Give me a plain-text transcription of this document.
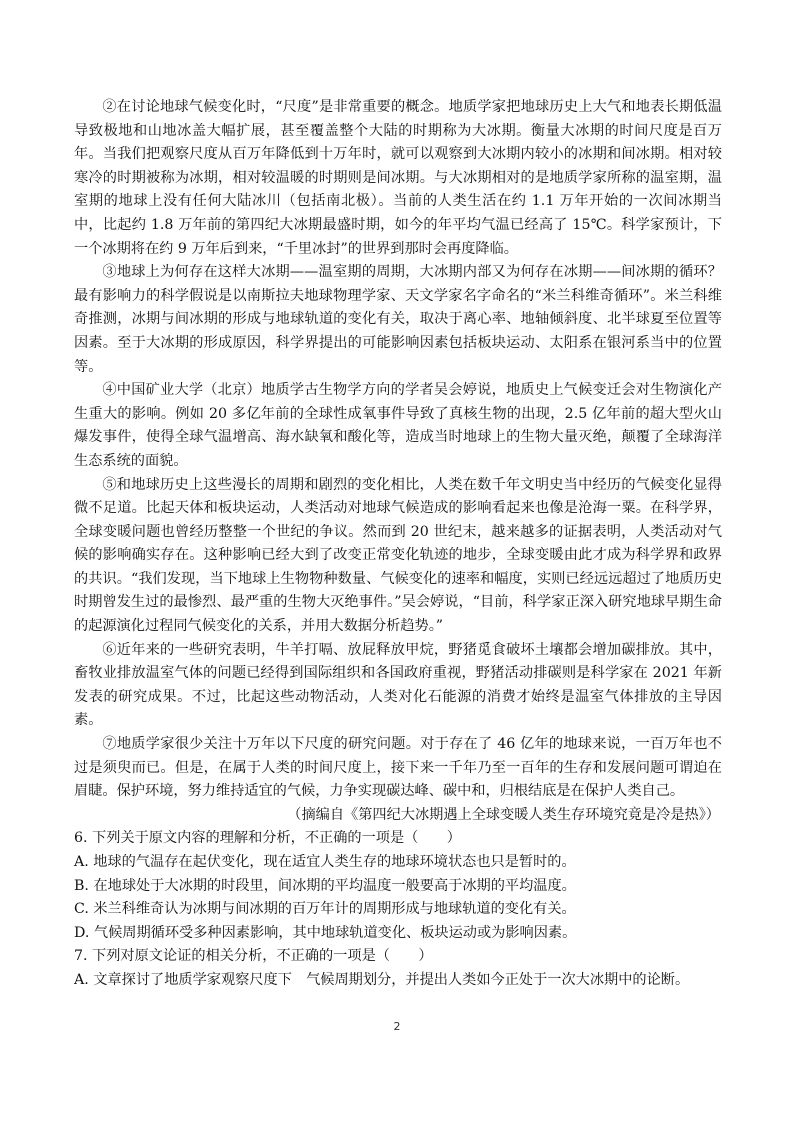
②在讨论地球气候变化时，“尺度”是非常重要的概念。地质学家把地球历史上大气和地表长期低温导致极地和山地冰盖大幅扩展，甚至覆盖整个大陆的时期称为大冰期。衡量大冰期的时间尺度是百万年。当我们把观察尺度从百万年降低到十万年时，就可以观察到大冰期内较小的冰期和间冰期。相对较寒冷的时期被称为冰期，相对较温暖的时期则是间冰期。与大冰期相对的是地质学家所称的温室期，温室期的地球上没有任何大陆冰川（包括南北极）。当前的人类生活在约 1.1 万年开始的一次间冰期当中，比起约 1.8 万年前的第四纪大冰期最盛时期，如今的年平均气温已经高了 15℃。科学家预计，下一个冰期将在约 9 万年后到来，“千里冰封”的世界到那时会再度降临。

③地球上为何存在这样大冰期——温室期的周期，大冰期内部又为何存在冰期——间冰期的循环？最有影响力的科学假说是以南斯拉夫地球物理学家、天文学家名字命名的“米兰科维奇循环”。米兰科维奇推测，冰期与间冰期的形成与地球轨道的变化有关，取决于离心率、地轴倾斜度、北半球夏至位置等因素。至于大冰期的形成原因，科学界提出的可能影响因素包括板块运动、太阳系在银河系当中的位置等。

④中国矿业大学（北京）地质学古生物学方向的学者吴会婷说，地质史上气候变迁会对生物演化产生重大的影响。例如 20 多亿年前的全球性成氧事件导致了真核生物的出现，2.5 亿年前的超大型火山爆发事件，使得全球气温增高、海水缺氧和酸化等，造成当时地球上的生物大量灭绝，颠覆了全球海洋生态系统的面貌。

⑤和地球历史上这些漫长的周期和剧烈的变化相比，人类在数千年文明史当中经历的气候变化显得微不足道。比起天体和板块运动，人类活动对地球气候造成的影响看起来也像是沧海一粟。在科学界，全球变暖问题也曾经历整整一个世纪的争议。然而到 20 世纪末，越来越多的证据表明，人类活动对气候的影响确实存在。这种影响已经大到了改变正常变化轨迹的地步，全球变暖由此才成为科学界和政界的共识。“我们发现，当下地球上生物物种数量、气候变化的速率和幅度，实则已经远远超过了地质历史时期曾发生过的最惨烈、最严重的生物大灭绝事件。”吴会婷说，“目前，科学家正深入研究地球早期生命的起源演化过程同气候变化的关系，并用大数据分析趋势。”

⑥近年来的一些研究表明，牛羊打嗝、放屁释放甲烷，野猪觅食破坏土壤都会增加碳排放。其中，畜牧业排放温室气体的问题已经得到国际组织和各国政府重视，野猪活动排碳则是科学家在 2021 年新发表的研究成果。不过，比起这些动物活动，人类对化石能源的消费才始终是温室气体排放的主导因素。

⑦地质学家很少关注十万年以下尺度的研究问题。对于存在了 46 亿年的地球来说，一百万年也不过是须臾而已。但是，在属于人类的时间尺度上，接下来一千年乃至一百年的生存和发展问题可谓迫在眉睫。保护环境，努力维持适宜的气候，力争实现碳达峰、碳中和，归根结底是在保护人类自己。

（摘编自《第四纪大冰期遇上全球变暖人类生存环境究竟是冷是热》）

6. 下列关于原文内容的理解和分析，不正确的一项是（　　）

A. 地球的气温存在起伏变化，现在适宜人类生存的地球环境状态也只是暂时的。

B. 在地球处于大冰期的时段里，间冰期的平均温度一般要高于冰期的平均温度。

C. 米兰科维奇认为冰期与间冰期的百万年计的周期形成与地球轨道的变化有关。

D. 气候周期循环受多种因素影响，其中地球轨道变化、板块运动或为影响因素。

7. 下列对原文论证的相关分析，不正确的一项是（　　）

A. 文章探讨了地质学家观察尺度下　气候周期划分，并提出人类如今正处于一次大冰期中的论断。

2
